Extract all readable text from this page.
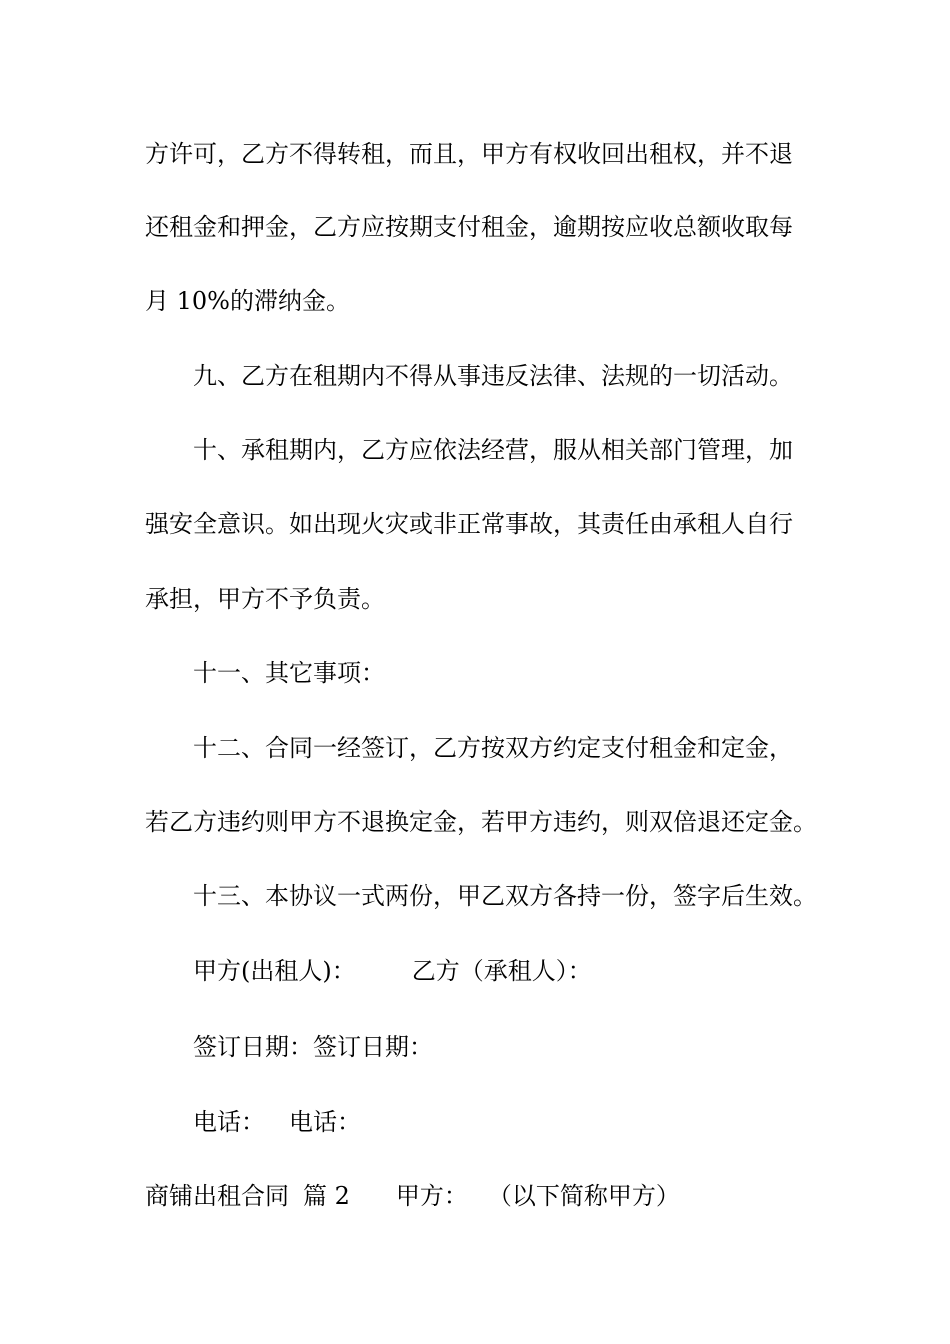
方许可，乙方不得转租，而且，甲方有权收回出租权，并不退
还租金和押金，乙方应按期支付租金，逾期按应收总额收取每
月 10%的滞纳金。
九、乙方在租期内不得从事违反法律、法规的一切活动。
十、承租期内，乙方应依法经营，服从相关部门管理，加
强安全意识。如出现火灾或非正常事故，其责任由承租人自行
承担，甲方不予负责。
十一、其它事项：
十二、合同一经签订，乙方按双方约定支付租金和定金，
若乙方违约则甲方不退换定金，若甲方违约，则双倍退还定金。
十三、本协议一式两份，甲乙双方各持一份，签字后生效。
甲方(出租人)： 乙方（承租人）：
签订日期：签订日期：
电话： 电话：
商铺出租合同 篇 2 甲方： （以下简称甲方）
